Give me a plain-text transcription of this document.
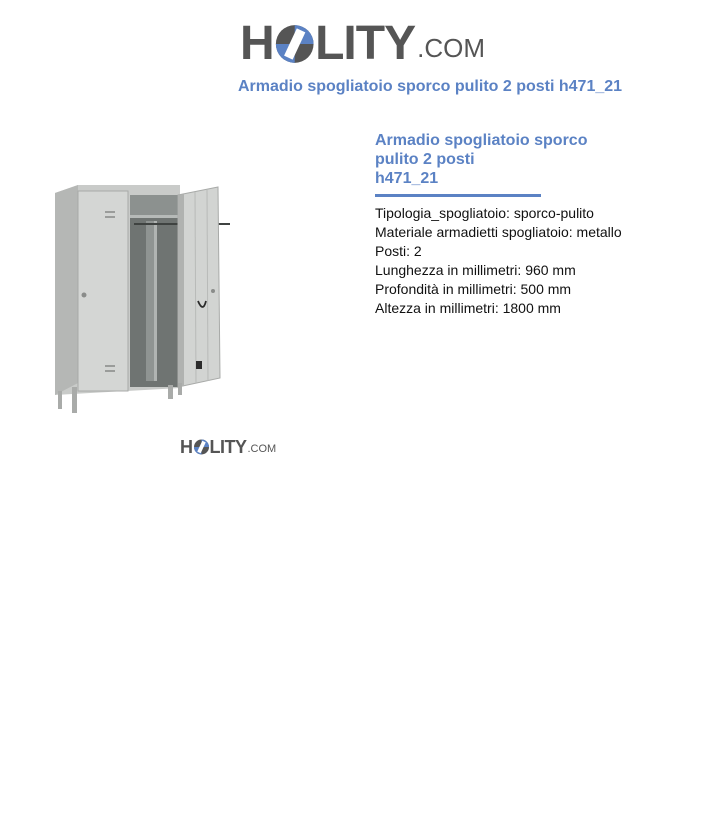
H LITY .COM
Armadio spogliatoio sporco pulito 2 posti h471_21
H LITY .COM
Armadio spogliatoio sporco
pulito 2 posti
h471_21
Tipologia_spogliatoio: sporco-pulito
Materiale armadietti spogliatoio: metallo
Posti: 2
Lunghezza in millimetri: 960 mm
Profondità in millimetri: 500 mm
Altezza in millimetri: 1800 mm
